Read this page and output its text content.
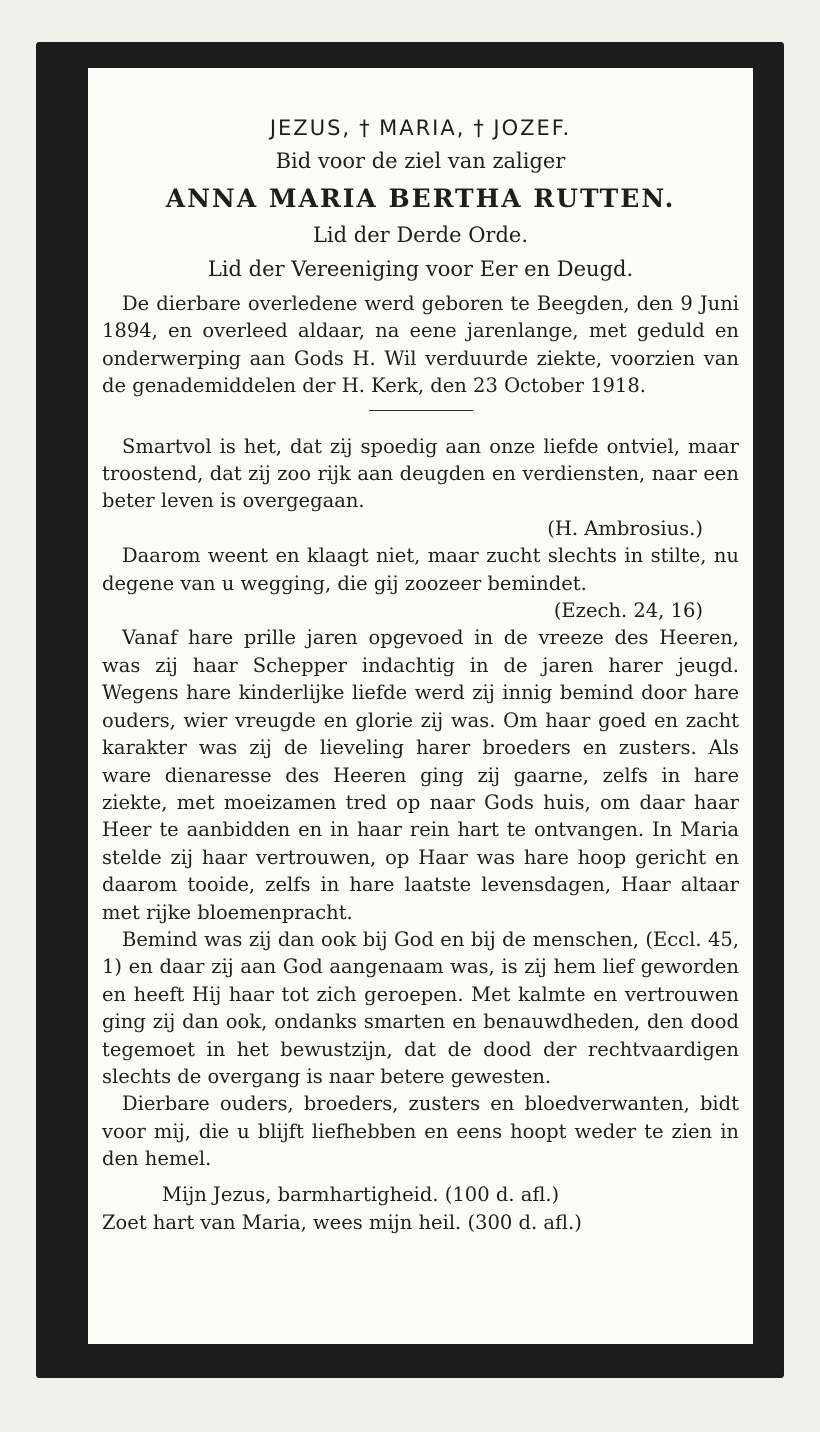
JEZUS, † MARIA, † JOZEF.

Bid voor de ziel van zaliger

ANNA MARIA BERTHA RUTTEN.

Lid der Derde Orde.

Lid der Vereeniging voor Eer en Deugd.

De dierbare overledene werd geboren te Beegden, den 9 Juni 1894, en overleed aldaar, na eene jarenlange, met geduld en onderwerping aan Gods H. Wil verduurde ziekte, voorzien van de genademiddelen der H. Kerk, den 23 October 1918.

Smartvol is het, dat zij spoedig aan onze liefde ontviel, maar troostend, dat zij zoo rijk aan deugden en verdiensten, naar een beter leven is overgegaan.

(H. Ambrosius.)

Daarom weent en klaagt niet, maar zucht slechts in stilte, nu degene van u wegging, die gij zoozeer bemindet.

(Ezech. 24, 16)

Vanaf hare prille jaren opgevoed in de vreeze des Heeren, was zij haar Schepper indachtig in de jaren harer jeugd. Wegens hare kinderlijke liefde werd zij innig bemind door hare ouders, wier vreugde en glorie zij was. Om haar goed en zacht karakter was zij de lieveling harer broeders en zusters. Als ware dienaresse des Heeren ging zij gaarne, zelfs in hare ziekte, met moeizamen tred op naar Gods huis, om daar haar Heer te aanbidden en in haar rein hart te ontvangen. In Maria stelde zij haar vertrouwen, op Haar was hare hoop gericht en daarom tooide, zelfs in hare laatste levensdagen, Haar altaar met rijke bloemenpracht.

Bemind was zij dan ook bij God en bij de menschen, (Eccl. 45, 1) en daar zij aan God aangenaam was, is zij hem lief geworden en heeft Hij haar tot zich geroepen. Met kalmte en vertrouwen ging zij dan ook, ondanks smarten en benauwdheden, den dood tegemoet in het bewustzijn, dat de dood der rechtvaardigen slechts de overgang is naar betere gewesten.

Dierbare ouders, broeders, zusters en bloedverwanten, bidt voor mij, die u blijft liefhebben en eens hoopt weder te zien in den hemel.

Mijn Jezus, barmhartigheid. (100 d. afl.)

Zoet hart van Maria, wees mijn heil. (300 d. afl.)
